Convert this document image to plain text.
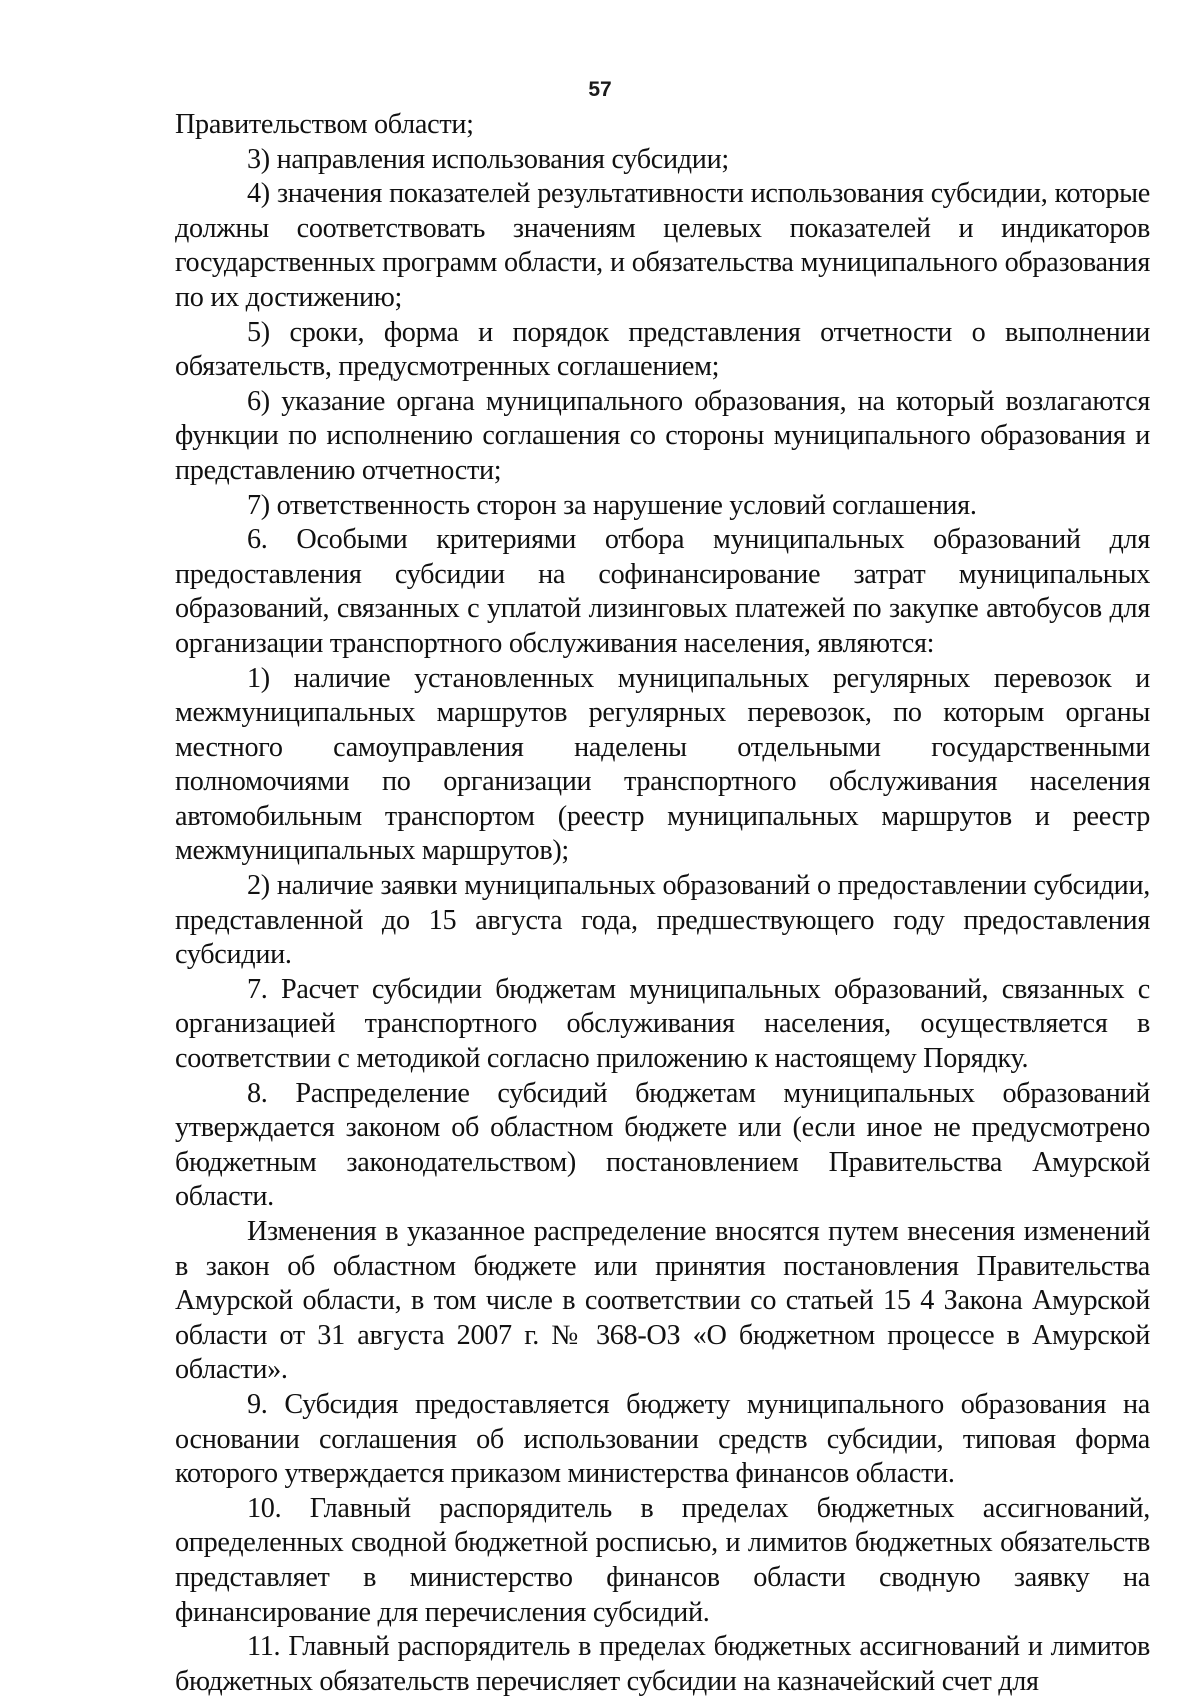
57

Правительством области;

3) направления использования субсидии;

4) значения показателей результативности использования субсидии, которые должны соответствовать значениям целевых показателей и индикаторов государственных программ области, и обязательства муниципального образования по их достижению;

5) сроки, форма и порядок представления отчетности о выполнении обязательств, предусмотренных соглашением;

6) указание органа муниципального образования, на который возлагаются функции по исполнению соглашения со стороны муниципального образования и представлению отчетности;

7) ответственность сторон за нарушение условий соглашения.

6. Особыми критериями отбора муниципальных образований для предоставления субсидии на софинансирование затрат муниципальных образований, связанных с уплатой лизинговых платежей по закупке автобусов для организации транспортного обслуживания населения, являются:

1) наличие установленных муниципальных регулярных перевозок и межмуниципальных маршрутов регулярных перевозок, по которым органы местного самоуправления наделены отдельными государственными полномочиями по организации транспортного обслуживания населения автомобильным транспортом (реестр муниципальных маршрутов и реестр межмуниципальных маршрутов);

2) наличие заявки муниципальных образований о предоставлении субсидии, представленной до 15 августа года, предшествующего году предоставления субсидии.

7. Расчет субсидии бюджетам муниципальных образований, связанных с организацией транспортного обслуживания населения, осуществляется в соответствии с методикой согласно приложению к настоящему Порядку.

8. Распределение субсидий бюджетам муниципальных образований утверждается законом об областном бюджете или (если иное не предусмотрено бюджетным законодательством) постановлением Правительства Амурской области.

Изменения в указанное распределение вносятся путем внесения изменений в закон об областном бюджете или принятия постановления Правительства Амурской области, в том числе в соответствии со статьей 15 4 Закона Амурской области от 31 августа 2007 г. № 368-ОЗ «О бюджетном процессе в Амурской области».

9. Субсидия предоставляется бюджету муниципального образования на основании соглашения об использовании средств субсидии, типовая форма которого утверждается приказом министерства финансов области.

10. Главный распорядитель в пределах бюджетных ассигнований, определенных сводной бюджетной росписью, и лимитов бюджетных обязательств представляет в министерство финансов области сводную заявку на финансирование для перечисления субсидий.

11. Главный распорядитель в пределах бюджетных ассигнований и лимитов бюджетных обязательств перечисляет субсидии на казначейский счет для
